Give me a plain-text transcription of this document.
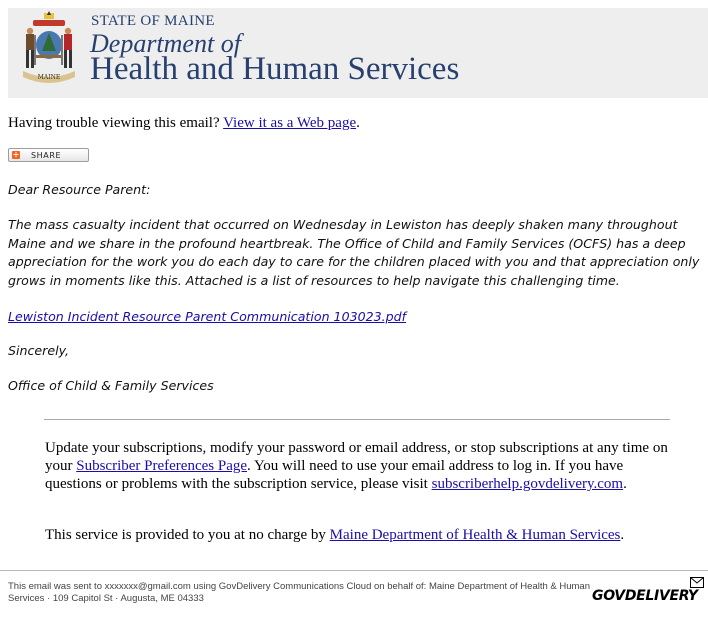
MAINE
STATE OF MAINE
Department of
Health and Human Services
Having trouble viewing this email? View it as a Web page.
+ SHARE
Dear Resource Parent:
The mass casualty incident that occurred on Wednesday in Lewiston has deeply shaken many throughout Maine and we share in the profound heartbreak. The Office of Child and Family Services (OCFS) has a deep appreciation for the work you do each day to care for the children placed with you and that appreciation only grows in moments like this. Attached is a list of resources to help navigate this challenging time.
Lewiston Incident Resource Parent Communication 103023.pdf
Sincerely,
Office of Child & Family Services
Update your subscriptions, modify your password or email address, or stop subscriptions at any time on your Subscriber Preferences Page. You will need to use your email address to log in. If you have questions or problems with the subscription service, please visit subscriberhelp.govdelivery.com.
This service is provided to you at no charge by Maine Department of Health & Human Services.
This email was sent to xxxxxxx@gmail.com using GovDelivery Communications Cloud on behalf of: Maine Department of Health & Human Services · 109 Capitol St · Augusta, ME 04333	GOVDELIVERY
